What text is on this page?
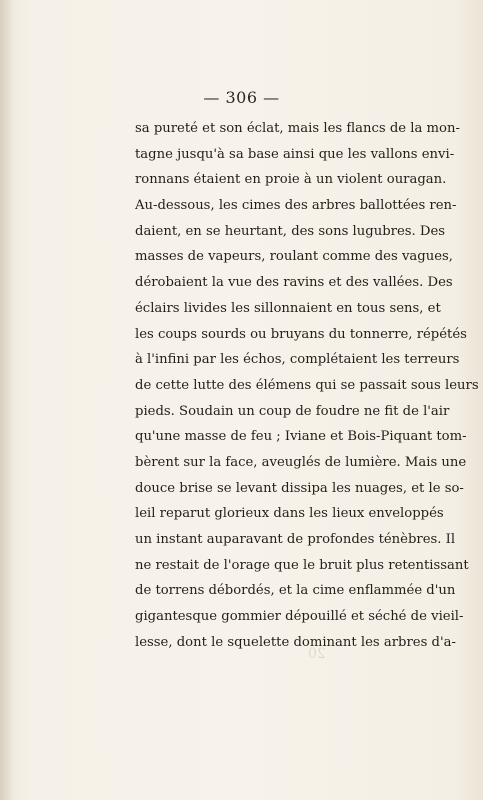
— 306 —
sa pureté et son éclat, mais les flancs de la mon-
tagne jusqu'à sa base ainsi que les vallons envi-
ronnans étaient en proie à un violent ouragan.
Au-dessous, les cimes des arbres ballottées ren-
daient, en se heurtant, des sons lugubres. Des
masses de vapeurs, roulant comme des vagues,
dérobaient la vue des ravins et des vallées. Des
éclairs livides les sillonnaient en tous sens, et
les coups sourds ou bruyans du tonnerre, répétés
à l'infini par les échos, complétaient les terreurs
de cette lutte des élémens qui se passait sous leurs
pieds. Soudain un coup de foudre ne fit de l'air
qu'une masse de feu ; Iviane et Bois-Piquant tom-
bèrent sur la face, aveuglés de lumière. Mais une
douce brise se levant dissipa les nuages, et le so-
leil reparut glorieux dans les lieux enveloppés
un instant auparavant de profondes ténèbres. Il
ne restait de l'orage que le bruit plus retentissant
de torrens débordés, et la cime enflammée d'un
gigantesque gommier dépouillé et séché de vieil-
lesse, dont le squelette dominant les arbres d'a-
20
